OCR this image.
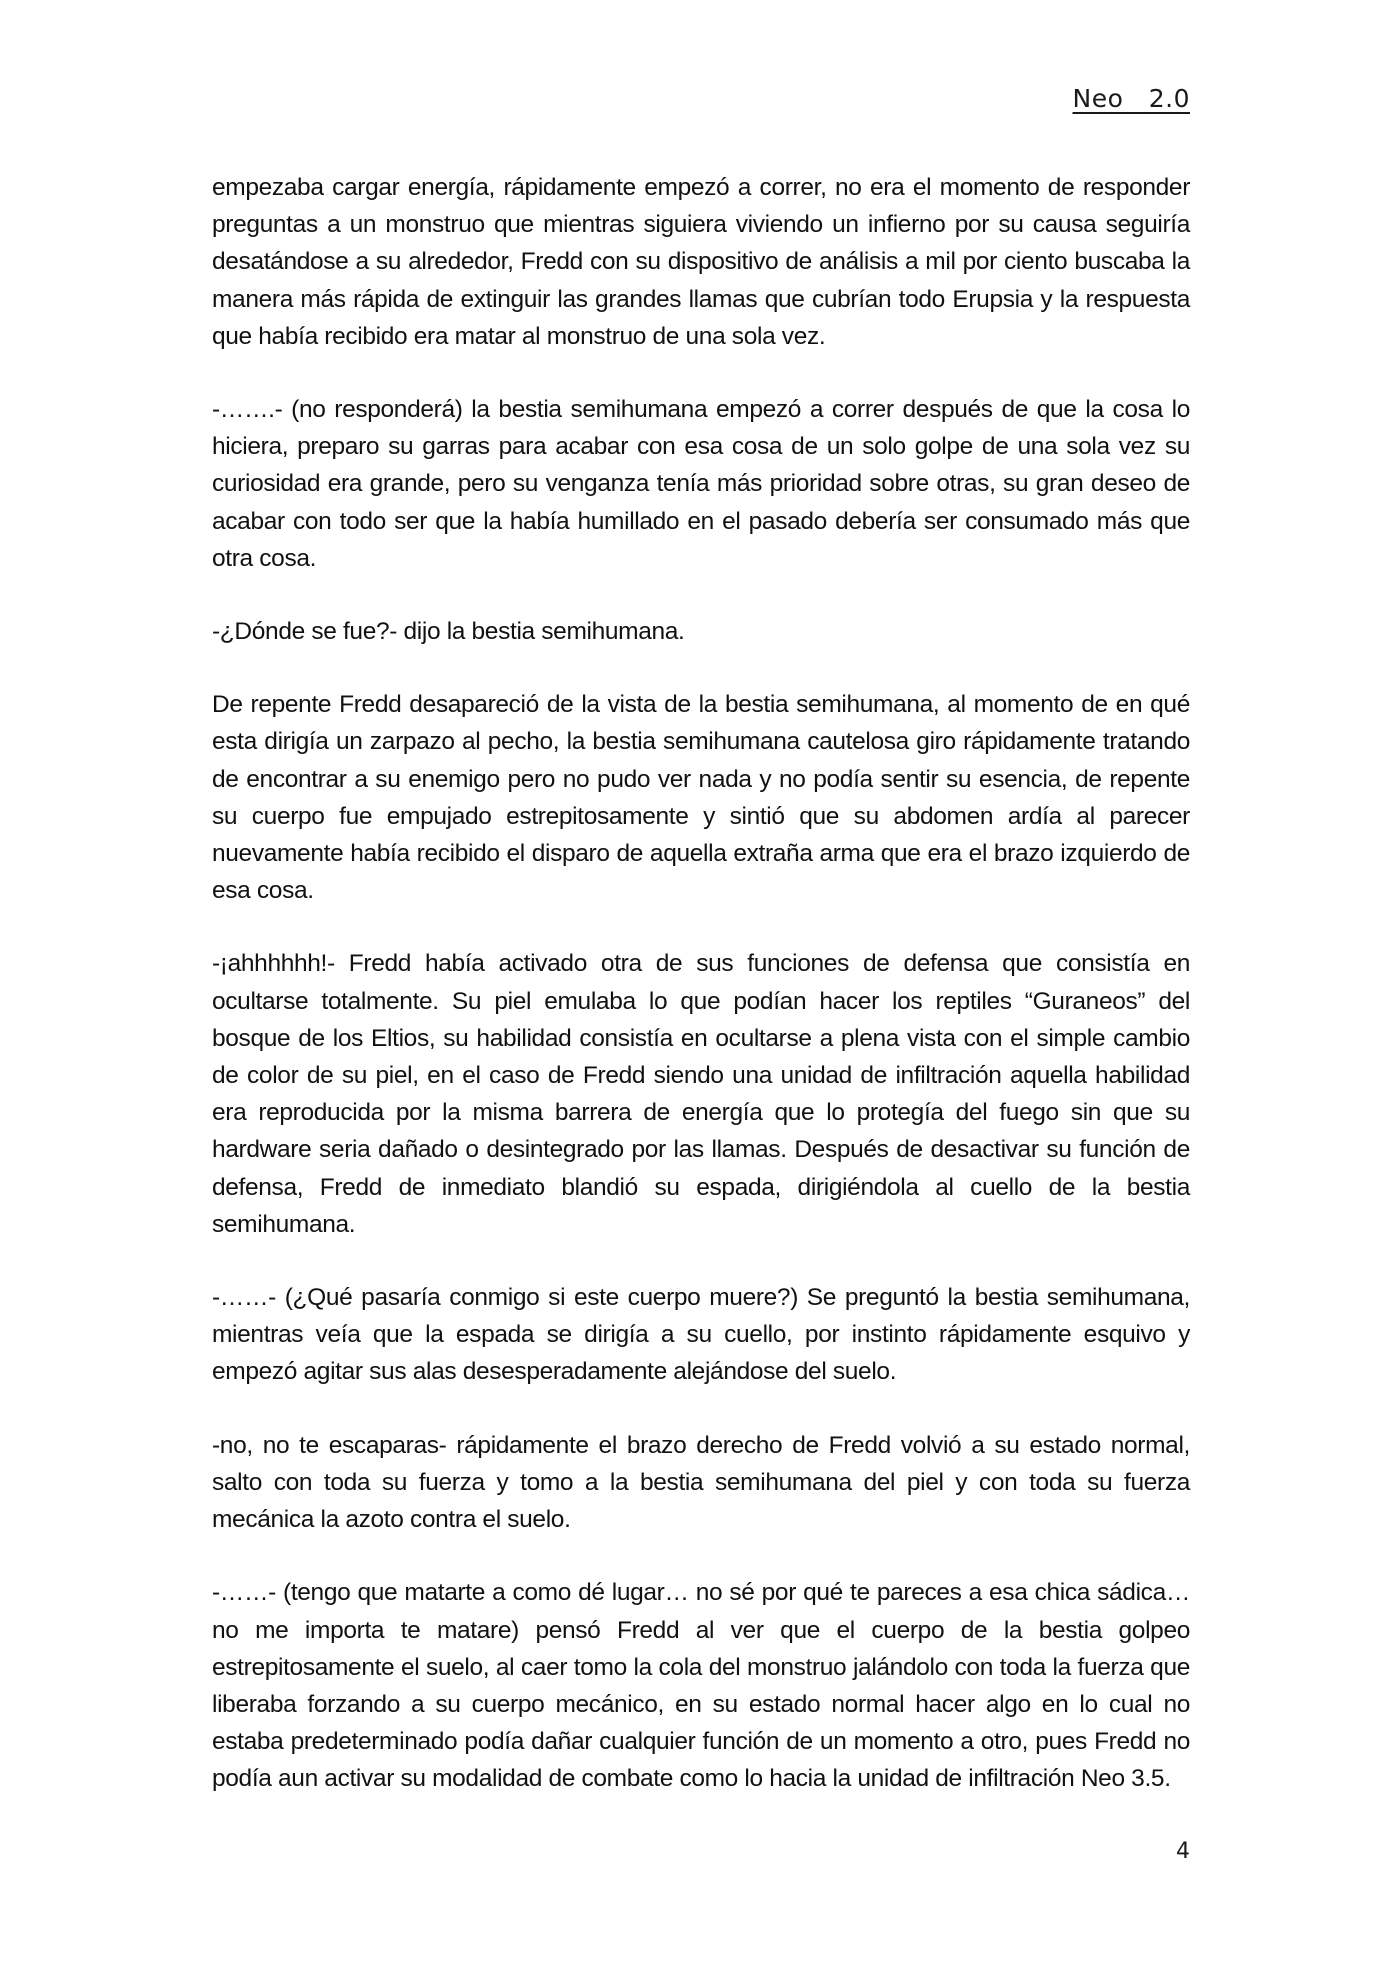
Neo   2.0

empezaba cargar energía, rápidamente empezó a correr, no era el momento de responder preguntas a un monstruo que mientras siguiera viviendo un infierno por su causa seguiría desatándose a su alrededor, Fredd con su dispositivo de análisis a mil por ciento buscaba la manera más rápida de extinguir las grandes llamas que cubrían todo Erupsia y la respuesta que había recibido era matar al monstruo de una sola vez.

-…….- (no responderá) la bestia semihumana empezó a correr después de que la cosa lo hiciera, preparo su garras para acabar con esa cosa de un solo golpe de una sola vez su curiosidad era grande, pero su venganza tenía más prioridad sobre otras, su gran deseo de acabar con todo ser que la había humillado en el pasado debería ser consumado más que otra cosa.

-¿Dónde se fue?- dijo la bestia semihumana.

De repente Fredd desapareció de la vista de la bestia semihumana, al momento de en qué esta dirigía un zarpazo al pecho, la bestia semihumana cautelosa giro rápidamente tratando de encontrar a su enemigo pero no pudo ver nada y no podía sentir su esencia, de repente su cuerpo fue empujado estrepitosamente y sintió que su abdomen ardía al parecer nuevamente había recibido el disparo de aquella extraña arma que era el brazo izquierdo de esa cosa.

-¡ahhhhhh!- Fredd había activado otra de sus funciones de defensa que consistía en ocultarse totalmente. Su piel emulaba lo que podían hacer los reptiles “Guraneos” del bosque de los Eltios, su habilidad consistía en ocultarse a plena vista con el simple cambio de color de su piel, en el caso de Fredd siendo una unidad de infiltración aquella habilidad era reproducida por la misma barrera de energía que lo protegía del fuego sin que su hardware seria dañado o desintegrado por las llamas. Después de desactivar su función de defensa, Fredd de inmediato blandió su espada, dirigiéndola al cuello de la bestia semihumana.

-……- (¿Qué pasaría conmigo si este cuerpo muere?) Se preguntó la bestia semihumana, mientras veía que la espada se dirigía a su cuello, por instinto rápidamente esquivo y empezó agitar sus alas desesperadamente alejándose del suelo.

-no, no te escaparas- rápidamente el brazo derecho de Fredd volvió a su estado normal, salto con toda su fuerza y tomo a la bestia semihumana del piel y con toda su fuerza mecánica la azoto contra el suelo.

-……- (tengo que matarte a como dé lugar… no sé por qué te pareces a esa chica sádica… no me importa te matare) pensó Fredd al ver que el cuerpo de la bestia golpeo estrepitosamente el suelo, al caer tomo la cola del monstruo jalándolo con toda la fuerza que liberaba forzando a su cuerpo mecánico, en su estado normal hacer algo en lo cual no estaba predeterminado podía dañar cualquier función de un momento a otro, pues Fredd no podía aun activar su modalidad de combate como lo hacia la unidad de infiltración Neo 3.5.

4
